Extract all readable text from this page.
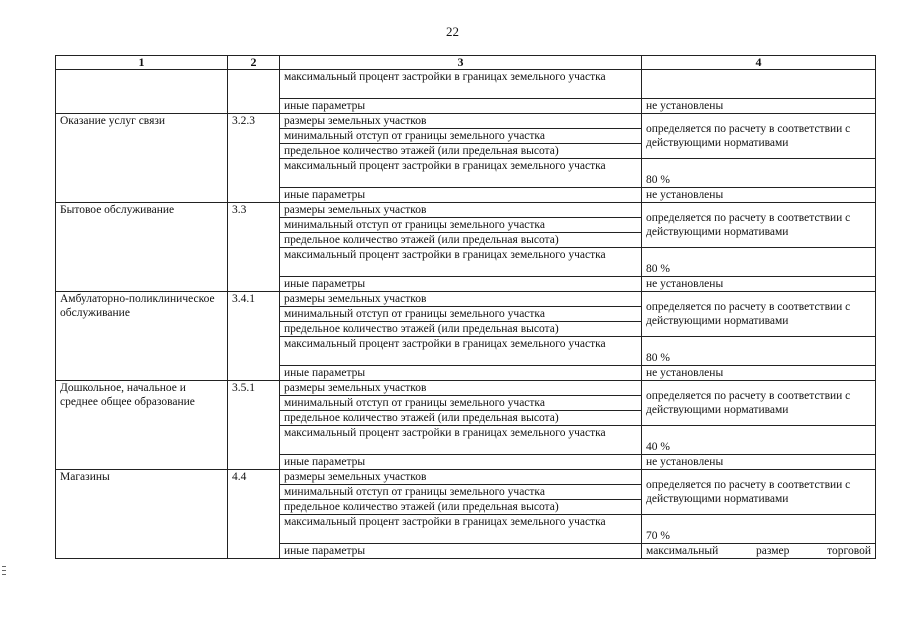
22
1	2	3	4
		максимальный процент застройки в границах земельного участка	
		иные параметры	не установлены
Оказание услуг связи	3.2.3	размеры земельных участков	определяется по расчету в соответствии с действующими нормативами
		минимальный отступ от границы земельного участка	
		предельное количество этажей (или предельная высота)	
		максимальный процент застройки в границах земельного участка	80 %
		иные параметры	не установлены
Бытовое обслуживание	3.3	размеры земельных участков	определяется по расчету в соответствии с действующими нормативами
		минимальный отступ от границы земельного участка	
		предельное количество этажей (или предельная высота)	
		максимальный процент застройки в границах земельного участка	80 %
		иные параметры	не установлены
Амбулаторно-поликлиническое обслуживание	3.4.1	размеры земельных участков	определяется по расчету в соответствии с действующими нормативами
		минимальный отступ от границы земельного участка	
		предельное количество этажей (или предельная высота)	
		максимальный процент застройки в границах земельного участка	80 %
		иные параметры	не установлены
Дошкольное, начальное и среднее общее образование	3.5.1	размеры земельных участков	определяется по расчету в соответствии с действующими нормативами
		минимальный отступ от границы земельного участка	
		предельное количество этажей (или предельная высота)	
		максимальный процент застройки в границах земельного участка	40 %
		иные параметры	не установлены
Магазины	4.4	размеры земельных участков	определяется по расчету в соответствии с действующими нормативами
		минимальный отступ от границы земельного участка	
		предельное количество этажей (или предельная высота)	
		максимальный процент застройки в границах земельного участка	70 %
		иные параметры	максимальный размер торговой
